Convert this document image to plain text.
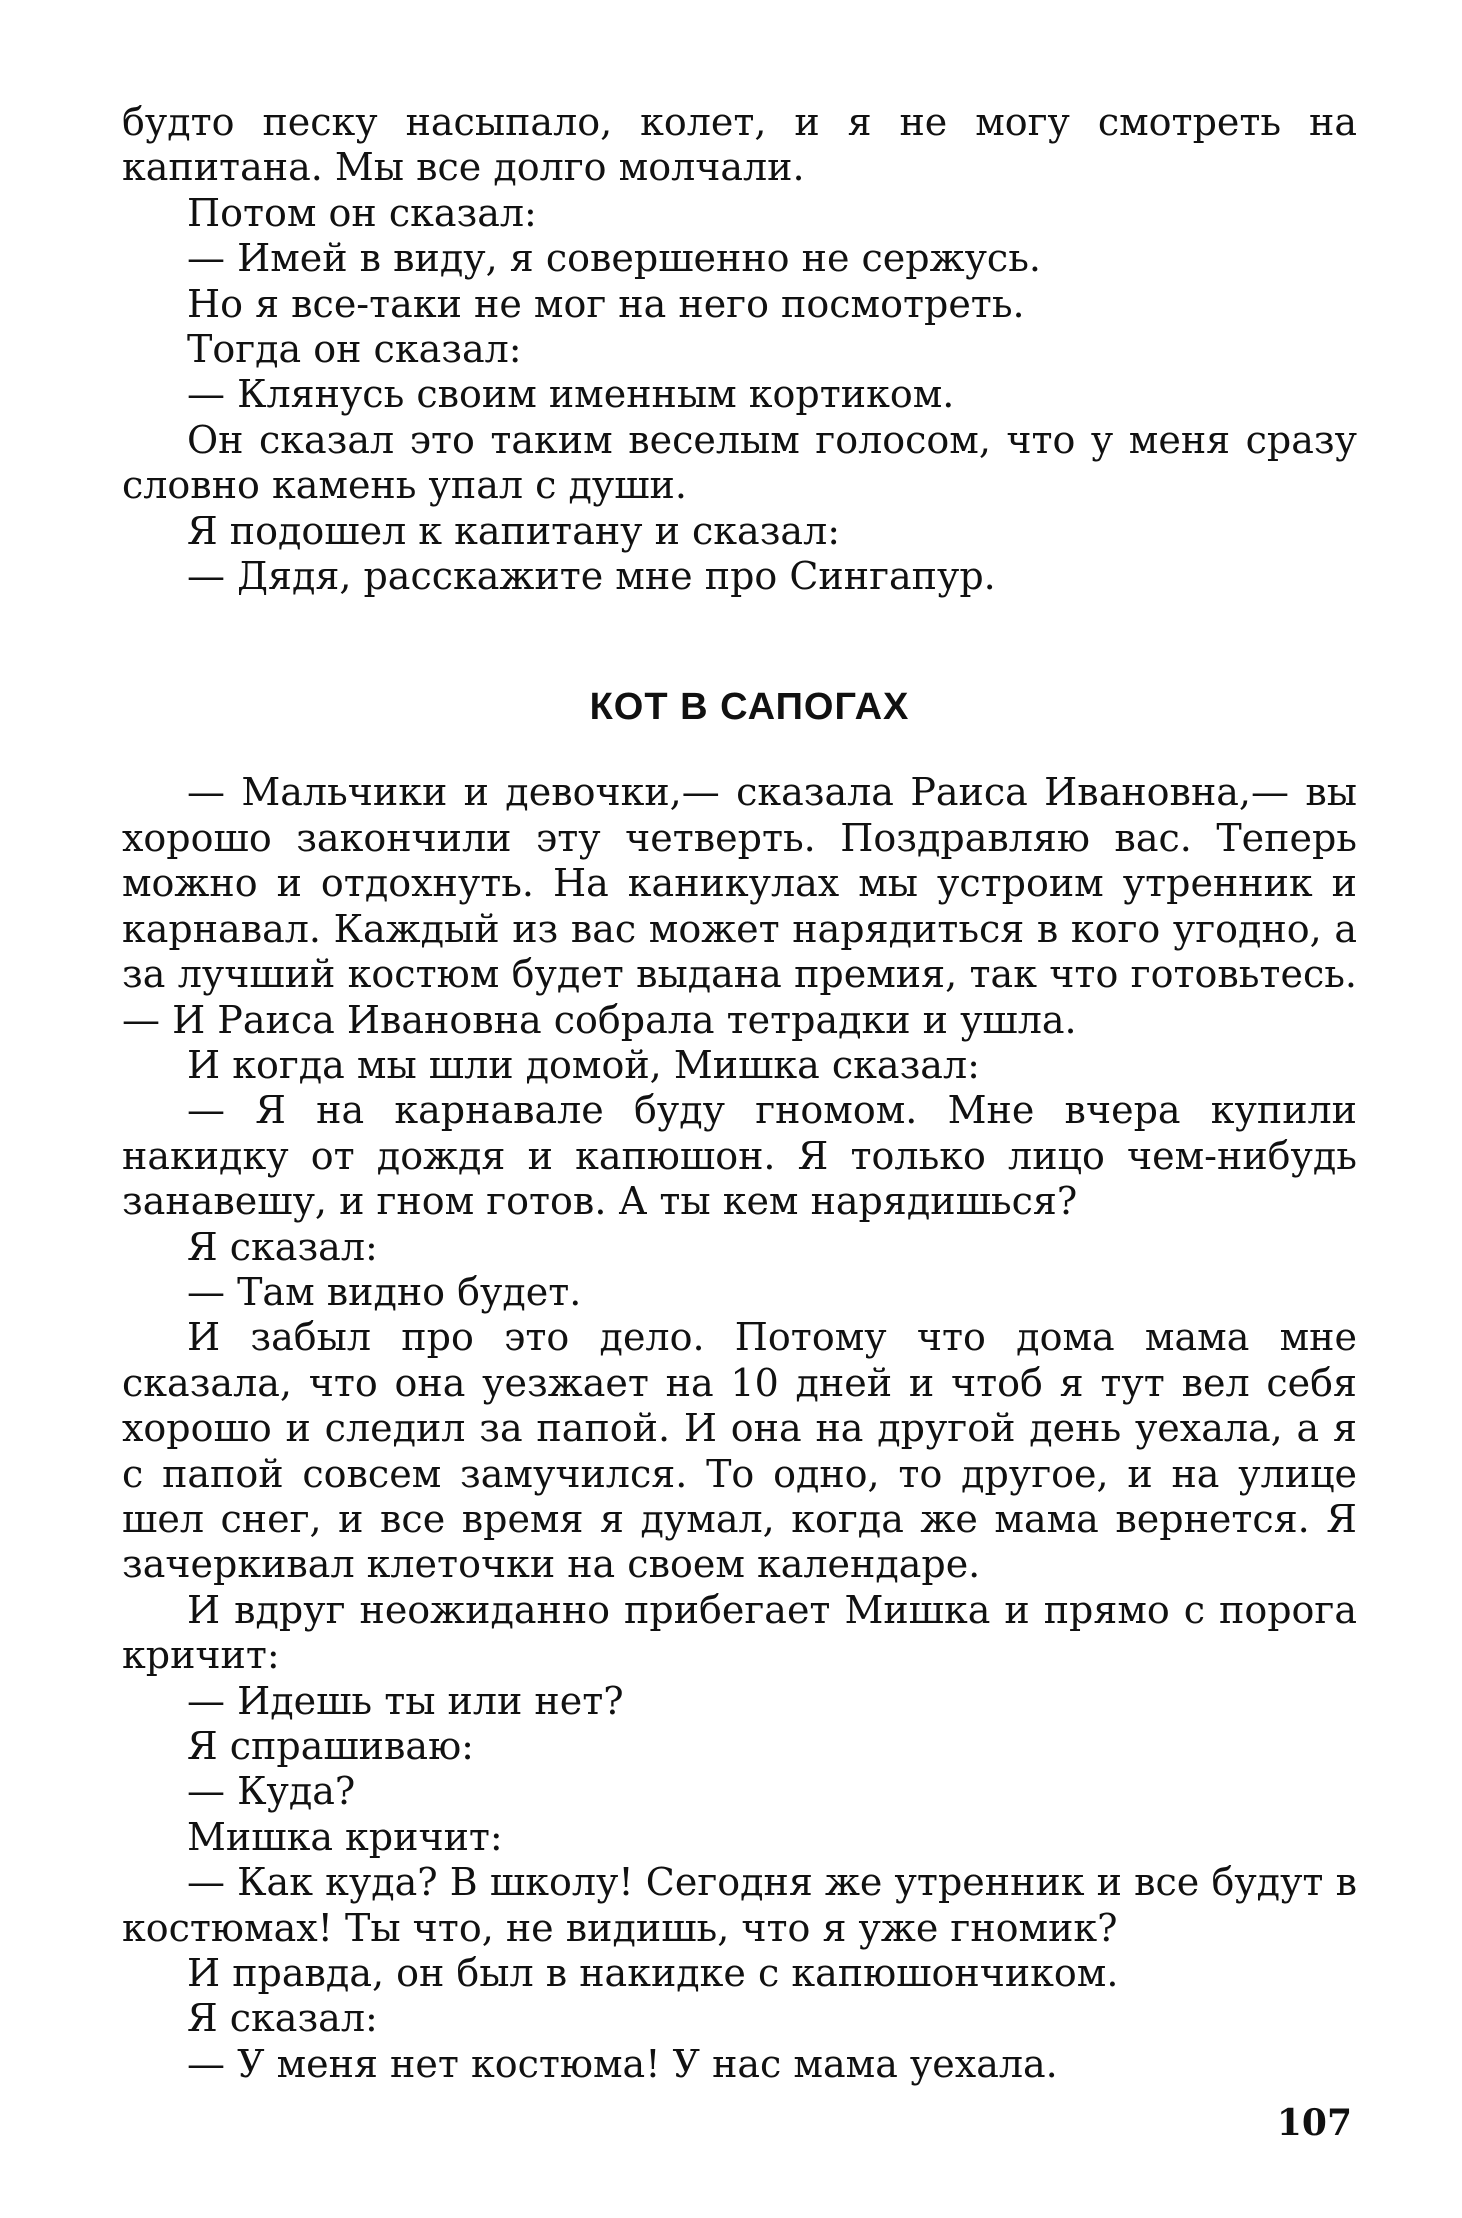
будто песку насыпало, колет, и я не могу смотреть на капитана. Мы все долго молчали.
Потом он сказал:
— Имей в виду, я совершенно не сержусь.
Но я все-таки не мог на него посмотреть.
Тогда он сказал:
— Клянусь своим именным кортиком.
Он сказал это таким веселым голосом, что у меня сразу словно камень упал с души.
Я подошел к капитану и сказал:
— Дядя, расскажите мне про Сингапур.
КОТ В САПОГАХ
— Мальчики и девочки,— сказала Раиса Ивановна,— вы хорошо закончили эту четверть. Поздравляю вас. Теперь можно и отдохнуть. На каникулах мы устроим утренник и карнавал. Каждый из вас может нарядиться в кого угодно, а за лучший костюм будет выдана премия, так что готовьтесь.— И Раиса Ивановна собрала тетрадки и ушла.
И когда мы шли домой, Мишка сказал:
— Я на карнавале буду гномом. Мне вчера купили накидку от дождя и капюшон. Я только лицо чем-нибудь занавешу, и гном готов. А ты кем нарядишься?
Я сказал:
— Там видно будет.
И забыл про это дело. Потому что дома мама мне сказала, что она уезжает на 10 дней и чтоб я тут вел себя хорошо и следил за папой. И она на другой день уехала, а я с папой совсем замучился. То одно, то другое, и на улице шел снег, и все время я думал, когда же мама вернется. Я зачеркивал клеточки на своем календаре.
И вдруг неожиданно прибегает Мишка и прямо с порога кричит:
— Идешь ты или нет?
Я спрашиваю:
— Куда?
Мишка кричит:
— Как куда? В школу! Сегодня же утренник и все будут в костюмах! Ты что, не видишь, что я уже гномик?
И правда, он был в накидке с капюшончиком.
Я сказал:
— У меня нет костюма! У нас мама уехала.
107
